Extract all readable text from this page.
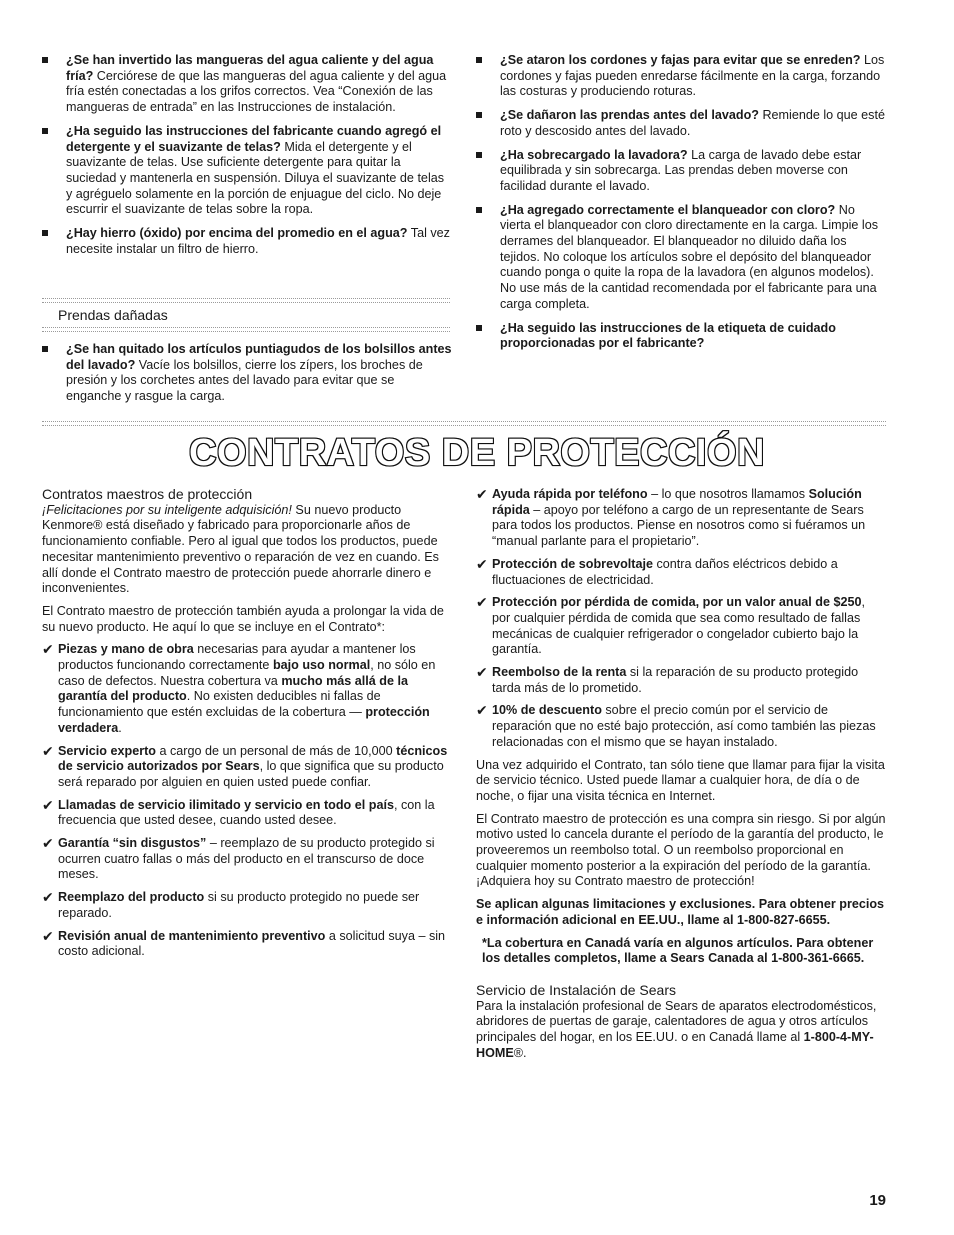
¿Se han invertido las mangueras del agua caliente y del agua fría? Cerciórese de que las mangueras del agua caliente y del agua fría estén conectadas a los grifos correctos. Vea “Conexión de las mangueras de entrada” en las Instrucciones de instalación.
¿Ha seguido las instrucciones del fabricante cuando agregó el detergente y el suavizante de telas? Mida el detergente y el suavizante de telas. Use suficiente detergente para quitar la suciedad y mantenerla en suspensión. Diluya el suavizante de telas y agréguelo solamente en la porción de enjuague del ciclo. No deje escurrir el suavizante de telas sobre la ropa.
¿Hay hierro (óxido) por encima del promedio en el agua? Tal vez necesite instalar un filtro de hierro.

Prendas dañadas

¿Se han quitado los artículos puntiagudos de los bolsillos antes del lavado? Vacíe los bolsillos, cierre los zípers, los broches de presión y los corchetes antes del lavado para evitar que se enganche y rasgue la carga.
¿Se ataron los cordones y fajas para evitar que se enreden? Los cordones y fajas pueden enredarse fácilmente en la carga, forzando las costuras y produciendo roturas.
¿Se dañaron las prendas antes del lavado? Remiende lo que esté roto y descosido antes del lavado.
¿Ha sobrecargado la lavadora? La carga de lavado debe estar equilibrada y sin sobrecarga. Las prendas deben moverse con facilidad durante el lavado.
¿Ha agregado correctamente el blanqueador con cloro? No vierta el blanqueador con cloro directamente en la carga. Limpie los derrames del blanqueador. El blanqueador no diluido daña los tejidos. No coloque los artículos sobre el depósito del blanqueador cuando ponga o quite la ropa de la lavadora (en algunos modelos). No use más de la cantidad recomendada por el fabricante para una carga completa.
¿Ha seguido las instrucciones de la etiqueta de cuidado proporcionadas por el fabricante?
CONTRATOS DE PROTECCIÓN

Contratos maestros de protección

¡Felicitaciones por su inteligente adquisición! Su nuevo producto Kenmore® está diseñado y fabricado para proporcionarle años de funcionamiento confiable. Pero al igual que todos los productos, puede necesitar mantenimiento preventivo o reparación de vez en cuando. Es allí donde el Contrato maestro de protección puede ahorrarle dinero e inconvenientes.

El Contrato maestro de protección también ayuda a prolongar la vida de su nuevo producto. He aquí lo que se incluye en el Contrato*:

✔ Piezas y mano de obra necesarias para ayudar a mantener los productos funcionando correctamente bajo uso normal, no sólo en caso de defectos. Nuestra cobertura va mucho más allá de la garantía del producto. No existen deducibles ni fallas de funcionamiento que estén excluidas de la cobertura — protección verdadera.
✔ Servicio experto a cargo de un personal de más de 10,000 técnicos de servicio autorizados por Sears, lo que significa que su producto será reparado por alguien en quien usted puede confiar.
✔ Llamadas de servicio ilimitado y servicio en todo el país, con la frecuencia que usted desee, cuando usted desee.
✔ Garantía “sin disgustos” – reemplazo de su producto protegido si ocurren cuatro fallas o más del producto en el transcurso de doce meses.
✔ Reemplazo del producto si su producto protegido no puede ser reparado.
✔ Revisión anual de mantenimiento preventivo a solicitud suya – sin costo adicional.
✔ Ayuda rápida por teléfono – lo que nosotros llamamos Solución rápida – apoyo por teléfono a cargo de un representante de Sears para todos los productos. Piense en nosotros como si fuéramos un “manual parlante para el propietario”.
✔ Protección de sobrevoltaje contra daños eléctricos debido a fluctuaciones de electricidad.
✔ Protección por pérdida de comida, por un valor anual de $250, por cualquier pérdida de comida que sea como resultado de fallas mecánicas de cualquier refrigerador o congelador cubierto bajo la garantía.
✔ Reembolso de la renta si la reparación de su producto protegido tarda más de lo prometido.
✔ 10% de descuento sobre el precio común por el servicio de reparación que no esté bajo protección, así como también las piezas relacionadas con el mismo que se hayan instalado.

Una vez adquirido el Contrato, tan sólo tiene que llamar para fijar la visita de servicio técnico. Usted puede llamar a cualquier hora, de día o de noche, o fijar una visita técnica en Internet.

El Contrato maestro de protección es una compra sin riesgo. Si por algún motivo usted lo cancela durante el período de la garantía del producto, le proveeremos un reembolso total. O un reembolso proporcional en cualquier momento posterior a la expiración del período de la garantía. ¡Adquiera hoy su Contrato maestro de protección!

Se aplican algunas limitaciones y exclusiones. Para obtener precios e información adicional en EE.UU., llame al 1-800-827-6655.

*La cobertura en Canadá varía en algunos artículos. Para obtener los detalles completos, llame a Sears Canada al 1-800-361-6665.

Servicio de Instalación de Sears

Para la instalación profesional de Sears de aparatos electrodomésticos, abridores de puertas de garaje, calentadores de agua y otros artículos principales del hogar, en los EE.UU. o en Canadá llame al 1-800-4-MY-HOME®.

19
